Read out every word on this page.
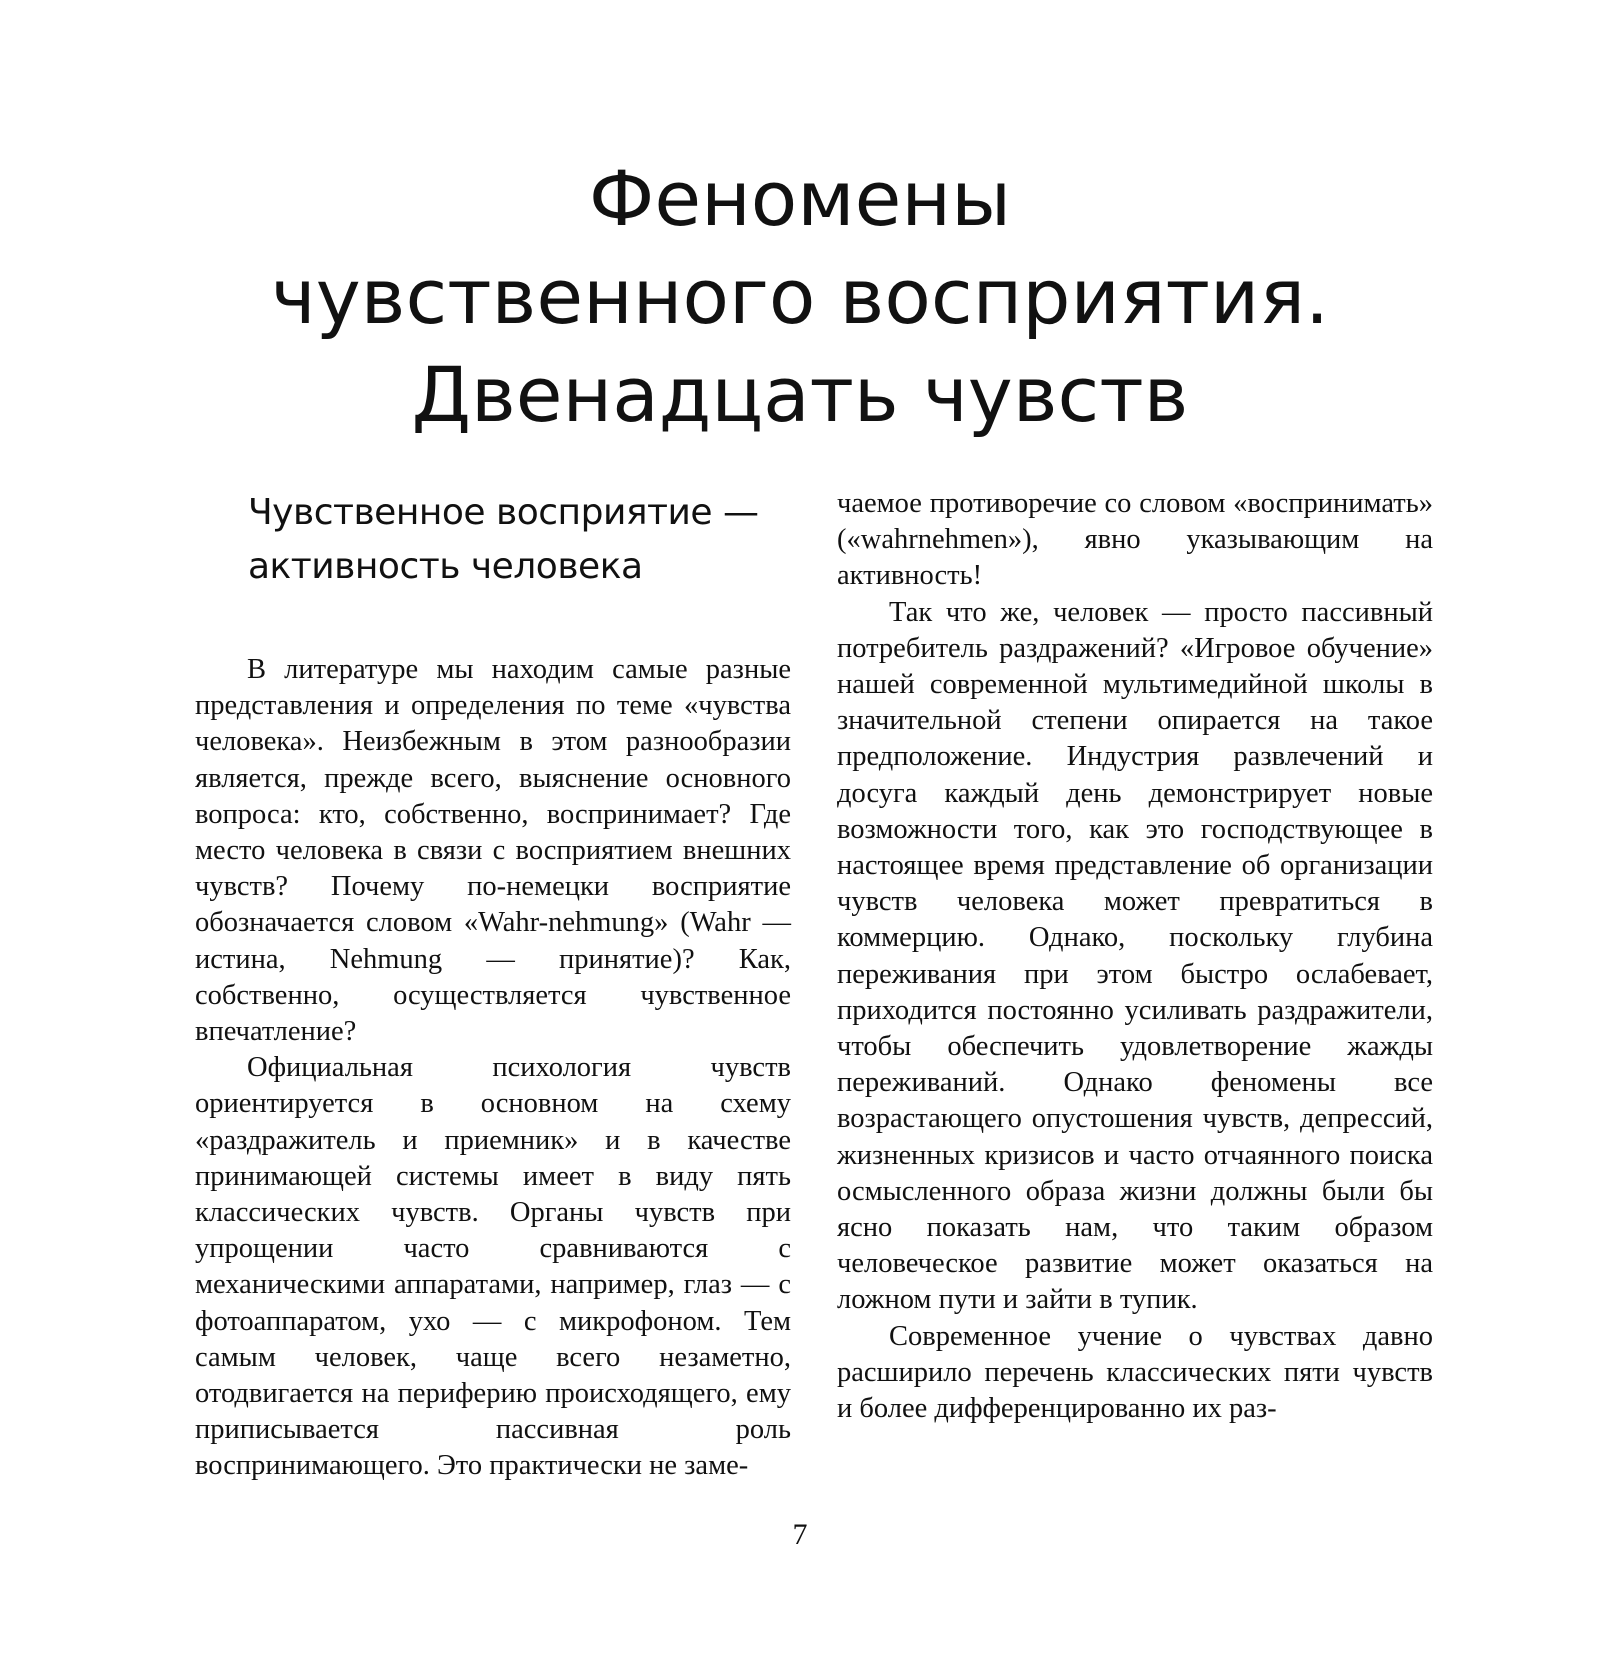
Феномены
чувственного восприятия.
Двенадцать чувств
Чувственное восприятие —
активность человека

В литературе мы находим самые разные представления и определения по теме «чувства человека». Неизбежным в этом разнообразии является, прежде всего, выяснение основного вопроса: кто, собственно, воспринимает? Где место человека в связи с восприятием внешних чувств? Почему по-немецки восприятие обозначается словом «Wahr-nehmung» (Wahr — истина, Nehmung — принятие)? Как, собственно, осуществляется чувственное впечатление?

Официальная психология чувств ориентируется в основном на схему «раздражитель и приемник» и в качестве принимающей системы имеет в виду пять классических чувств. Органы чувств при упрощении часто сравниваются с механическими аппаратами, например, глаз — с фотоаппаратом, ухо — с микрофоном. Тем самым человек, чаще всего незаметно, отодвигается на периферию происходящего, ему приписывается пассивная роль воспринимающего. Это практически не заме-

чаемое противоречие со словом «воспринимать» («wahrnehmen»), явно указывающим на активность!

Так что же, человек — просто пассивный потребитель раздражений? «Игровое обучение» нашей современной мультимедийной школы в значительной степени опирается на такое предположение. Индустрия развлечений и досуга каждый день демонстрирует новые возможности того, как это господствующее в настоящее время представление об организации чувств человека может превратиться в коммерцию. Однако, поскольку глубина переживания при этом быстро ослабевает, приходится постоянно усиливать раздражители, чтобы обеспечить удовлетворение жажды переживаний. Однако феномены все возрастающего опустошения чувств, депрессий, жизненных кризисов и часто отчаянного поиска осмысленного образа жизни должны были бы ясно показать нам, что таким образом человеческое развитие может оказаться на ложном пути и зайти в тупик.

Современное учение о чувствах давно расширило перечень классических пяти чувств и более дифференцированно их раз-

7
